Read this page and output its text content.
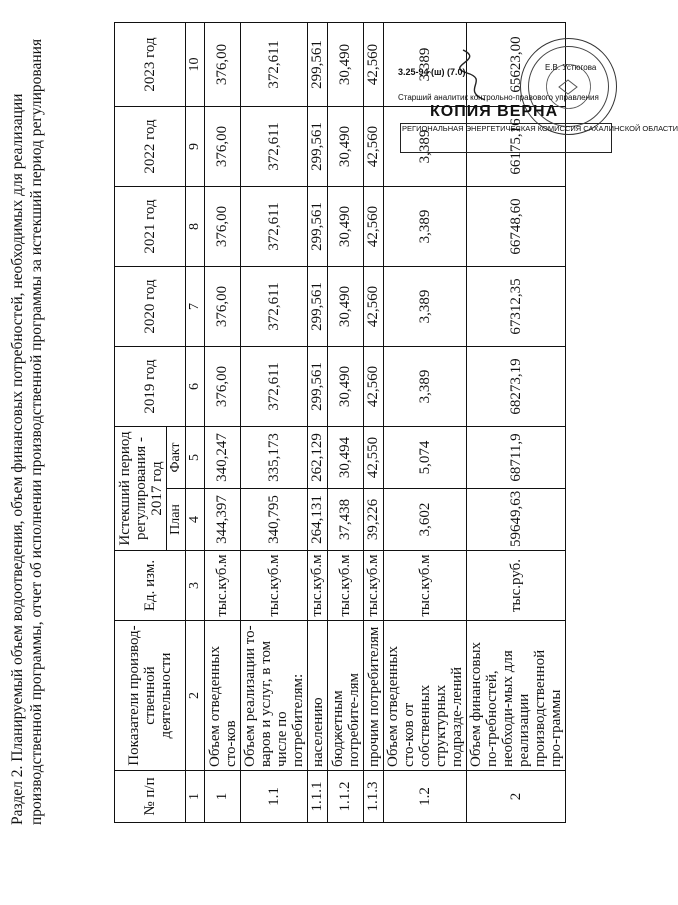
Раздел 2. Планируемый объем водоотведения, объем финансовых потребностей, необходимых для реализации производственной программы, отчет об исполнении производственной программы за истекший период регулирования	№ п/п	Показатели производ-ственной деятельности	Ед. изм.	Истекший период регулирования - 2017 год		2019 год	2020 год	2021 год	2022 год	2023 год
			План	Факт					
1	2	3	4	5	6	7	8	9	10
1	Объем отведенных сто-ков	тыс.куб.м	344,397	340,247	376,00	376,00	376,00	376,00	376,00
1.1	Объем реализации то-варов и услуг, в том числе по потребителям:	тыс.куб.м	340,795	335,173	372,611	372,611	372,611	372,611	372,611
1.1.1	населению	тыс.куб.м	264,131	262,129	299,561	299,561	299,561	299,561	299,561
1.1.2	бюджетным потребите-лям	тыс.куб.м	37,438	30,494	30,490	30,490	30,490	30,490	30,490
1.1.3	прочим потребителям	тыс.куб.м	39,226	42,550	42,560	42,560	42,560	42,560	42,560
1.2	Объем отведенных сто-ков от собственных структурных подразде-лений	тыс.куб.м	3,602	5,074	3,389	3,389	3,389	3,389	3,389
2	Объем финансовых по-требностей, необходи-мых для реализации производственной про-граммы	тыс.руб.	59649,63	68711,9	68273,19	67312,35	66748,60	66175,16	65623,00
РЕГИОНАЛЬНАЯ ЭНЕРГЕТИЧЕСКАЯ КОМИССИЯ САХАЛИНСКОЙ ОБЛАСТИ
КОПИЯ ВЕРНА
Старший аналитик контрольно-правового управления
Е.В. Устюгова
3.25-94 (ш) (7.0)
